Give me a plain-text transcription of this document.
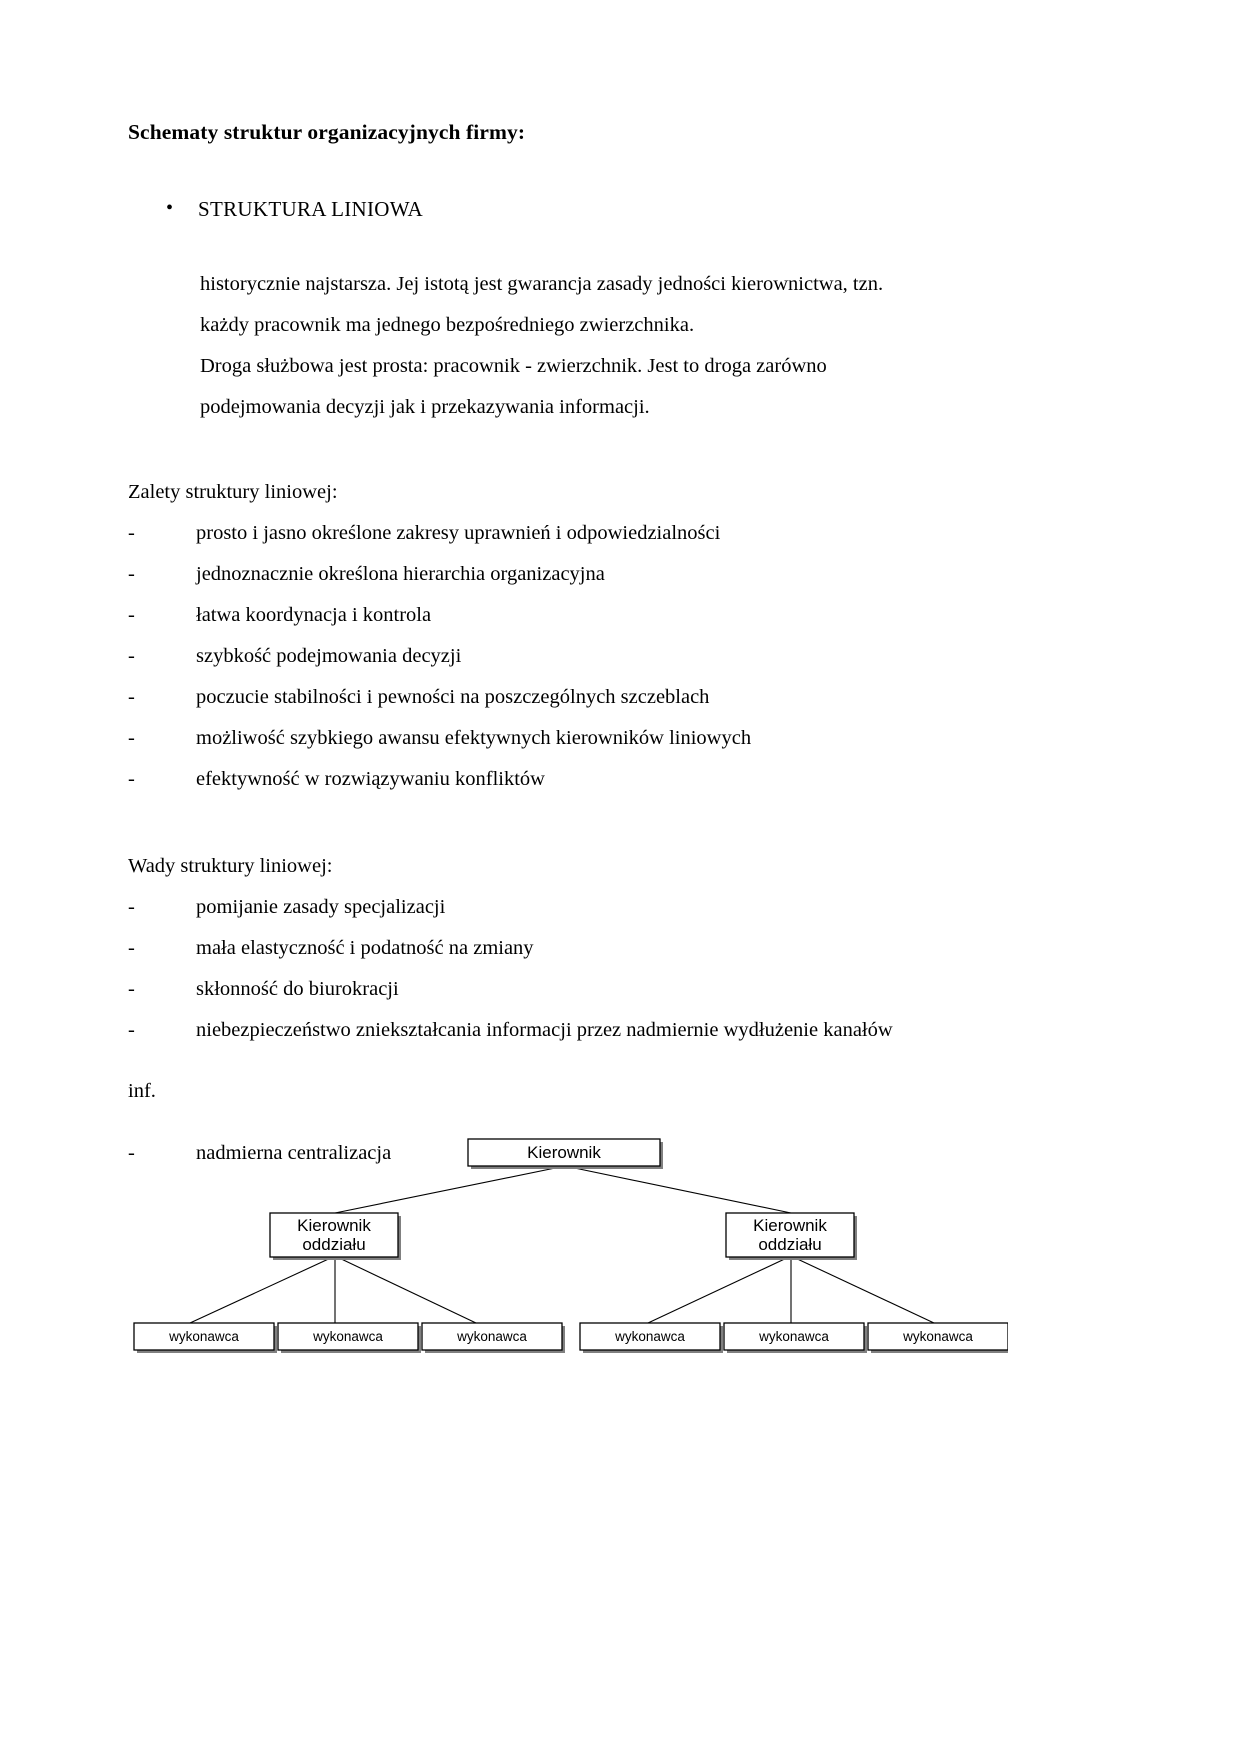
Schematy struktur organizacyjnych firmy:
•	STRUKTURA LINIOWA

historycznie najstarsza. Jej istotą jest gwarancja zasady jedności kierownictwa, tzn.

każdy pracownik ma jednego bezpośredniego zwierzchnika.

Droga służbowa jest prosta: pracownik - zwierzchnik. Jest to droga zarówno

podejmowania decyzji jak i przekazywania informacji.

Zalety struktury liniowej:

-	prosto i jasno określone zakresy uprawnień i odpowiedzialności
-	jednoznacznie określona hierarchia organizacyjna
-	łatwa koordynacja i kontrola
-	szybkość podejmowania decyzji
-	poczucie stabilności i pewności na poszczególnych szczeblach
-	możliwość szybkiego awansu efektywnych kierowników liniowych
-	efektywność w rozwiązywaniu konfliktów

Wady struktury liniowej:

-	pomijanie zasady specjalizacji
-	mała elastyczność i podatność na zmiany
-	skłonność do biurokracji
-	niebezpieczeństwo zniekształcania informacji przez nadmiernie wydłużenie kanałów

inf.

-	nadmierna centralizacja	Kierownik
Kierownik
oddziału
Kierownik
oddziału
wykonawca	wykonawca	wykonawca	wykonawca	wykonawca	wykonawca
